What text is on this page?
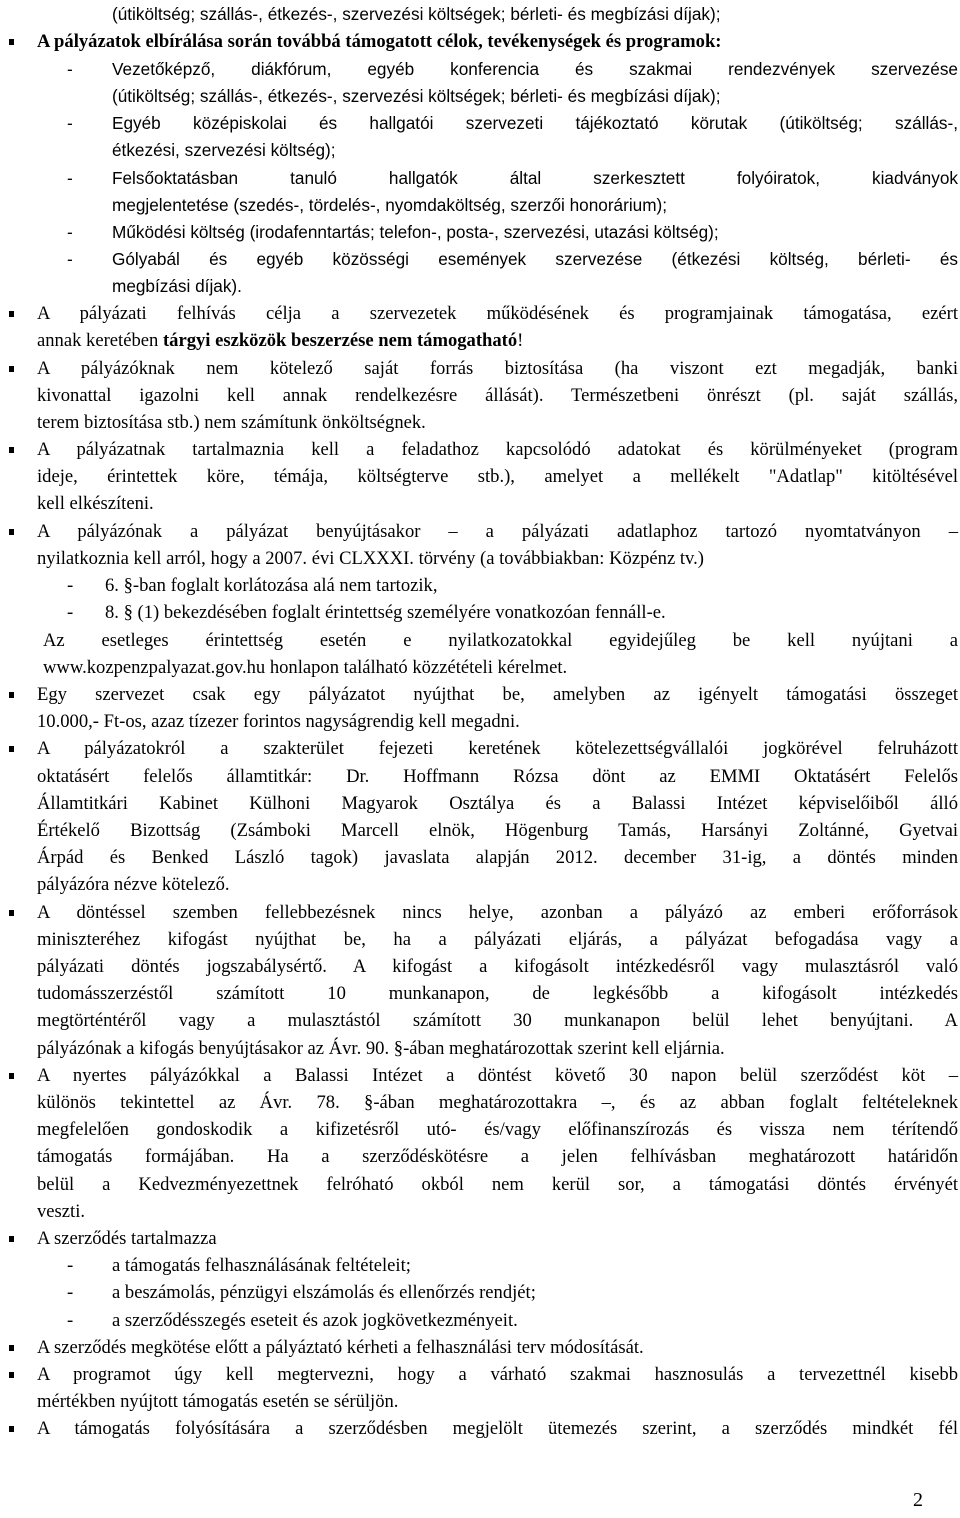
(útiköltség; szállás-, étkezés-, szervezési költségek; bérleti- és megbízási díjak);
A pályázatok elbírálása során továbbá támogatott célok, tevékenységek és programok:
- Vezetőképző, diákfórum, egyéb konferencia és szakmai rendezvények szervezése
(útiköltség; szállás-, étkezés-, szervezési költségek; bérleti- és megbízási díjak);
- Egyéb középiskolai és hallgatói szervezeti tájékoztató körutak (útiköltség; szállás-,
étkezési, szervezési költség);
- Felsőoktatásban tanuló hallgatók által szerkesztett folyóiratok, kiadványok
megjelentetése (szedés-, tördelés-, nyomdaköltség, szerzői honorárium);
- Működési költség (irodafenntartás; telefon-, posta-, szervezési, utazási költség);
- Gólyabál és egyéb közösségi események szervezése (étkezési költség, bérleti- és
megbízási díjak).
A pályázati felhívás célja a szervezetek működésének és programjainak támogatása, ezért
annak keretében tárgyi eszközök beszerzése nem támogatható!
A pályázóknak nem kötelező saját forrás biztosítása (ha viszont ezt megadják, banki
kivonattal igazolni kell annak rendelkezésre állását). Természetbeni önrészt (pl. saját szállás,
terem biztosítása stb.) nem számítunk önköltségnek.
A pályázatnak tartalmaznia kell a feladathoz kapcsolódó adatokat és körülményeket (program
ideje, érintettek köre, témája, költségterve stb.), amelyet a mellékelt "Adatlap" kitöltésével
kell elkészíteni.
A pályázónak a pályázat benyújtásakor – a pályázati adatlaphoz tartozó nyomtatványon –
nyilatkoznia kell arról, hogy a 2007. évi CLXXXI. törvény (a továbbiakban: Közpénz tv.)
- 6. §-ban foglalt korlátozása alá nem tartozik,
- 8. § (1) bekezdésében foglalt érintettség személyére vonatkozóan fennáll-e.
Az esetleges érintettség esetén e nyilatkozatokkal egyidejűleg be kell nyújtani a
www.kozpenzpalyazat.gov.hu honlapon található közzétételi kérelmet.
Egy szervezet csak egy pályázatot nyújthat be, amelyben az igényelt támogatási összeget
10.000,- Ft-os, azaz tízezer forintos nagyságrendig kell megadni.
A pályázatokról a szakterület fejezeti keretének kötelezettségvállalói jogkörével felruházott
oktatásért felelős államtitkár: Dr. Hoffmann Rózsa dönt az EMMI Oktatásért Felelős
Államtitkári Kabinet Külhoni Magyarok Osztálya és a Balassi Intézet képviselőiből álló
Értékelő Bizottság (Zsámboki Marcell elnök, Högenburg Tamás, Harsányi Zoltánné, Gyetvai
Árpád és Benked László tagok) javaslata alapján 2012. december 31-ig, a döntés minden
pályázóra nézve kötelező.
A döntéssel szemben fellebbezésnek nincs helye, azonban a pályázó az emberi erőforrások
miniszteréhez kifogást nyújthat be, ha a pályázati eljárás, a pályázat befogadása vagy a
pályázati döntés jogszabálysértő. A kifogást a kifogásolt intézkedésről vagy mulasztásról való
tudomásszerzéstől számított 10 munkanapon, de legkésőbb a kifogásolt intézkedés
megtörténtéről vagy a mulasztástól számított 30 munkanapon belül lehet benyújtani. A
pályázónak a kifogás benyújtásakor az Ávr. 90. §-ában meghatározottak szerint kell eljárnia.
A nyertes pályázókkal a Balassi Intézet a döntést követő 30 napon belül szerződést köt –
különös tekintettel az Ávr. 78. §-ában meghatározottakra –, és az abban foglalt feltételeknek
megfelelően gondoskodik a kifizetésről utó- és/vagy előfinanszírozás és vissza nem térítendő
támogatás formájában. Ha a szerződéskötésre a jelen felhívásban meghatározott határidőn
belül a Kedvezményezettnek felróható okból nem kerül sor, a támogatási döntés érvényét
veszti.
A szerződés tartalmazza
- a támogatás felhasználásának feltételeit;
- a beszámolás, pénzügyi elszámolás és ellenőrzés rendjét;
- a szerződésszegés eseteit és azok jogkövetkezményeit.
A szerződés megkötése előtt a pályáztató kérheti a felhasználási terv módosítását.
A programot úgy kell megtervezni, hogy a várható szakmai hasznosulás a tervezettnél kisebb
mértékben nyújtott támogatás esetén se sérüljön.
A támogatás folyósítására a szerződésben megjelölt ütemezés szerint, a szerződés mindkét fél
2
